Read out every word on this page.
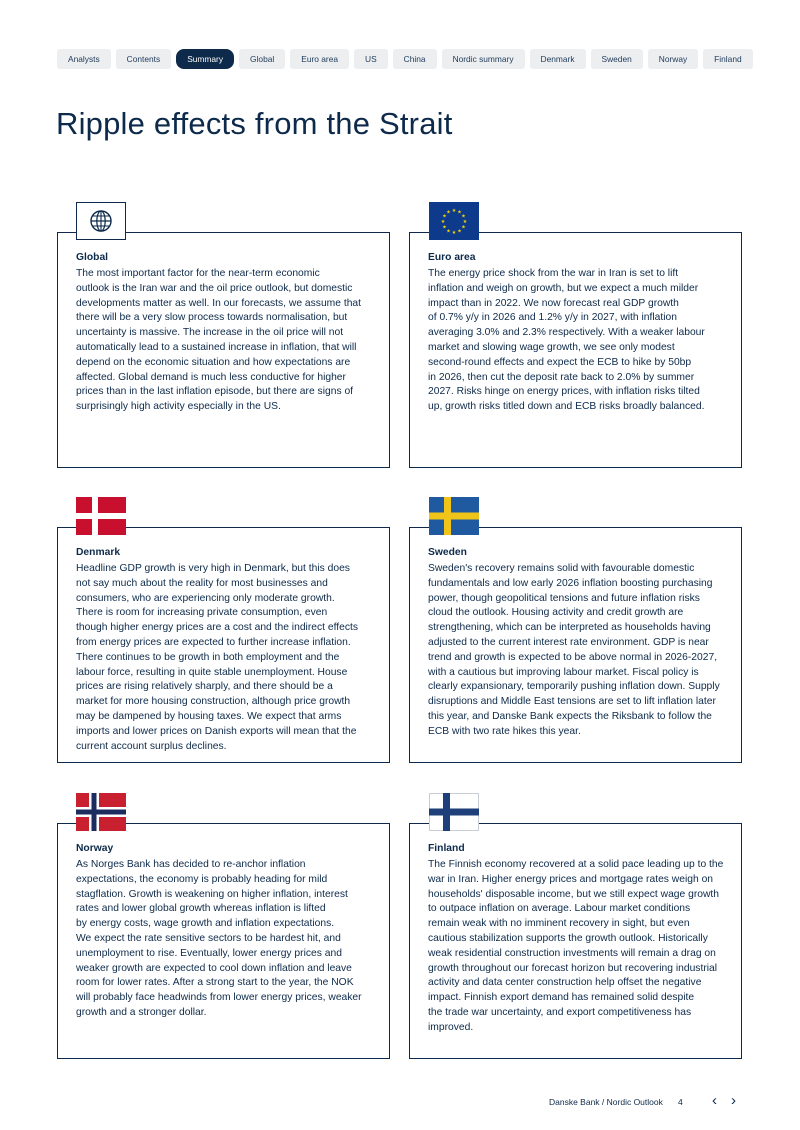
Analysts	Contents	Summary	Global	Euro area	US	China	Nordic summary	Denmark	Sweden	Norway	Finland
Ripple effects from the Strait
Global
The most important factor for the near-term economic
outlook is the Iran war and the oil price outlook, but domestic
developments matter as well. In our forecasts, we assume that
there will be a very slow process towards normalisation, but
uncertainty is massive. The increase in the oil price will not
automatically lead to a sustained increase in inflation, that will
depend on the economic situation and how expectations are
affected. Global demand is much less conductive for higher
prices than in the last inflation episode, but there are signs of
surprisingly high activity especially in the US.
Euro area
The energy price shock from the war in Iran is set to lift
inflation and weigh on growth, but we expect a much milder
impact than in 2022. We now forecast real GDP growth
of 0.7% y/y in 2026 and 1.2% y/y in 2027, with inflation
averaging 3.0% and 2.3% respectively. With a weaker labour
market and slowing wage growth, we see only modest
second-round effects and expect the ECB to hike by 50bp
in 2026, then cut the deposit rate back to 2.0% by summer
2027. Risks hinge on energy prices, with inflation risks tilted
up, growth risks titled down and ECB risks broadly balanced.
★ ★
★
★
★
★
★
★
★
★
★
★
Denmark
Headline GDP growth is very high in Denmark, but this does
not say much about the reality for most businesses and
consumers, who are experiencing only moderate growth.
There is room for increasing private consumption, even
though higher energy prices are a cost and the indirect effects
from energy prices are expected to further increase inflation.
There continues to be growth in both employment and the
labour force, resulting in quite stable unemployment. House
prices are rising relatively sharply, and there should be a
market for more housing construction, although price growth
may be dampened by housing taxes. We expect that arms
imports and lower prices on Danish exports will mean that the
current account surplus declines.
Sweden
Sweden's recovery remains solid with favourable domestic
fundamentals and low early 2026 inflation boosting purchasing
power, though geopolitical tensions and future inflation risks
cloud the outlook. Housing activity and credit growth are
strengthening, which can be interpreted as households having
adjusted to the current interest rate environment. GDP is near
trend and growth is expected to be above normal in 2026-2027,
with a cautious but improving labour market. Fiscal policy is
clearly expansionary, temporarily pushing inflation down. Supply
disruptions and Middle East tensions are set to lift inflation later
this year, and Danske Bank expects the Riksbank to follow the
ECB with two rate hikes this year.
Norway
As Norges Bank has decided to re-anchor inflation
expectations, the economy is probably heading for mild
stagflation. Growth is weakening on higher inflation, interest
rates and lower global growth whereas inflation is lifted
by energy costs, wage growth and inflation expectations.
We expect the rate sensitive sectors to be hardest hit, and
unemployment to rise. Eventually, lower energy prices and
weaker growth are expected to cool down inflation and leave
room for lower rates. After a strong start to the year, the NOK
will probably face headwinds from lower energy prices, weaker
growth and a stronger dollar.
Finland
The Finnish economy recovered at a solid pace leading up to the
war in Iran. Higher energy prices and mortgage rates weigh on
households' disposable income, but we still expect wage growth
to outpace inflation on average. Labour market conditions
remain weak with no imminent recovery in sight, but even
cautious stabilization supports the growth outlook. Historically
weak residential construction investments will remain a drag on
growth throughout our forecast horizon but recovering industrial
activity and data center construction help offset the negative
impact. Finnish export demand has remained solid despite
the trade war uncertainty, and export competitiveness has
improved.
Danske Bank / Nordic Outlook 4 ‹ ›
